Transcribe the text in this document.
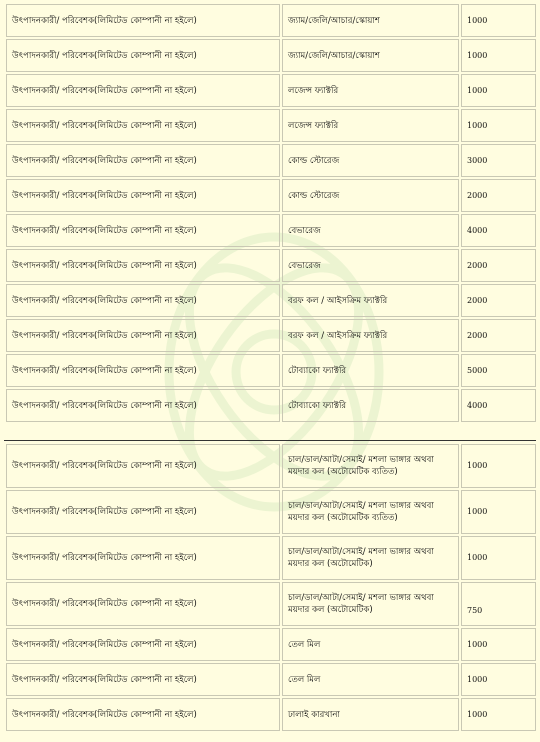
উৎপাদনকারী/ পরিবেশক(লিমিটেড কোম্পানী না হইলে)	জ্যাম/জেলি/আচার/স্কোয়াশ	1000
উৎপাদনকারী/ পরিবেশক(লিমিটেড কোম্পানী না হইলে)	জ্যাম/জেলি/আচার/স্কোয়াশ	1000
উৎপাদনকারী/ পরিবেশক(লিমিটেড কোম্পানী না হইলে)	লজেন্স ফ্যাক্টরি	1000
উৎপাদনকারী/ পরিবেশক(লিমিটেড কোম্পানী না হইলে)	লজেন্স ফ্যাক্টরি	1000
উৎপাদনকারী/ পরিবেশক(লিমিটেড কোম্পানী না হইলে)	কোল্ড স্টোরেজ	3000
উৎপাদনকারী/ পরিবেশক(লিমিটেড কোম্পানী না হইলে)	কোল্ড স্টোরেজ	2000
উৎপাদনকারী/ পরিবেশক(লিমিটেড কোম্পানী না হইলে)	বেভারেজ	4000
উৎপাদনকারী/ পরিবেশক(লিমিটেড কোম্পানী না হইলে)	বেভারেজ	2000
উৎপাদনকারী/ পরিবেশক(লিমিটেড কোম্পানী না হইলে)	বরফ কল / আইসক্রিম ফ্যাক্টরি	2000
উৎপাদনকারী/ পরিবেশক(লিমিটেড কোম্পানী না হইলে)	বরফ কল / আইসক্রিম ফ্যাক্টরি	2000
উৎপাদনকারী/ পরিবেশক(লিমিটেড কোম্পানী না হইলে)	টোব্যাকো ফ্যাক্টরি	5000
উৎপাদনকারী/ পরিবেশক(লিমিটেড কোম্পানী না হইলে)	টোব্যাকো ফ্যাক্টরি	4000
উৎপাদনকারী/ পরিবেশক(লিমিটেড কোম্পানী না হইলে)	চাল/ডাল/আটা/সেমাই/ মশলা ভাঙ্গার অথবা ময়দার কল (অটোমেটিক ব্যতিত)	1000
উৎপাদনকারী/ পরিবেশক(লিমিটেড কোম্পানী না হইলে)	চাল/ডাল/আটা/সেমাই/ মশলা ভাঙ্গার অথবা ময়দার কল (অটোমেটিক ব্যতিত)	1000
উৎপাদনকারী/ পরিবেশক(লিমিটেড কোম্পানী না হইলে)	চাল/ডাল/আটা/সেমাই/ মশলা ভাঙ্গার অথবা ময়দার কল (অটোমেটিক)	1000
উৎপাদনকারী/ পরিবেশক(লিমিটেড কোম্পানী না হইলে)	চাল/ডাল/আটা/সেমাই/ মশলা ভাঙ্গার অথবা ময়দার কল (অটোমেটিক)	750
উৎপাদনকারী/ পরিবেশক(লিমিটেড কোম্পানী না হইলে)	তেল মিল	1000
উৎপাদনকারী/ পরিবেশক(লিমিটেড কোম্পানী না হইলে)	তেল মিল	1000
উৎপাদনকারী/ পরিবেশক(লিমিটেড কোম্পানী না হইলে)	ঢালাই কারখানা	1000
